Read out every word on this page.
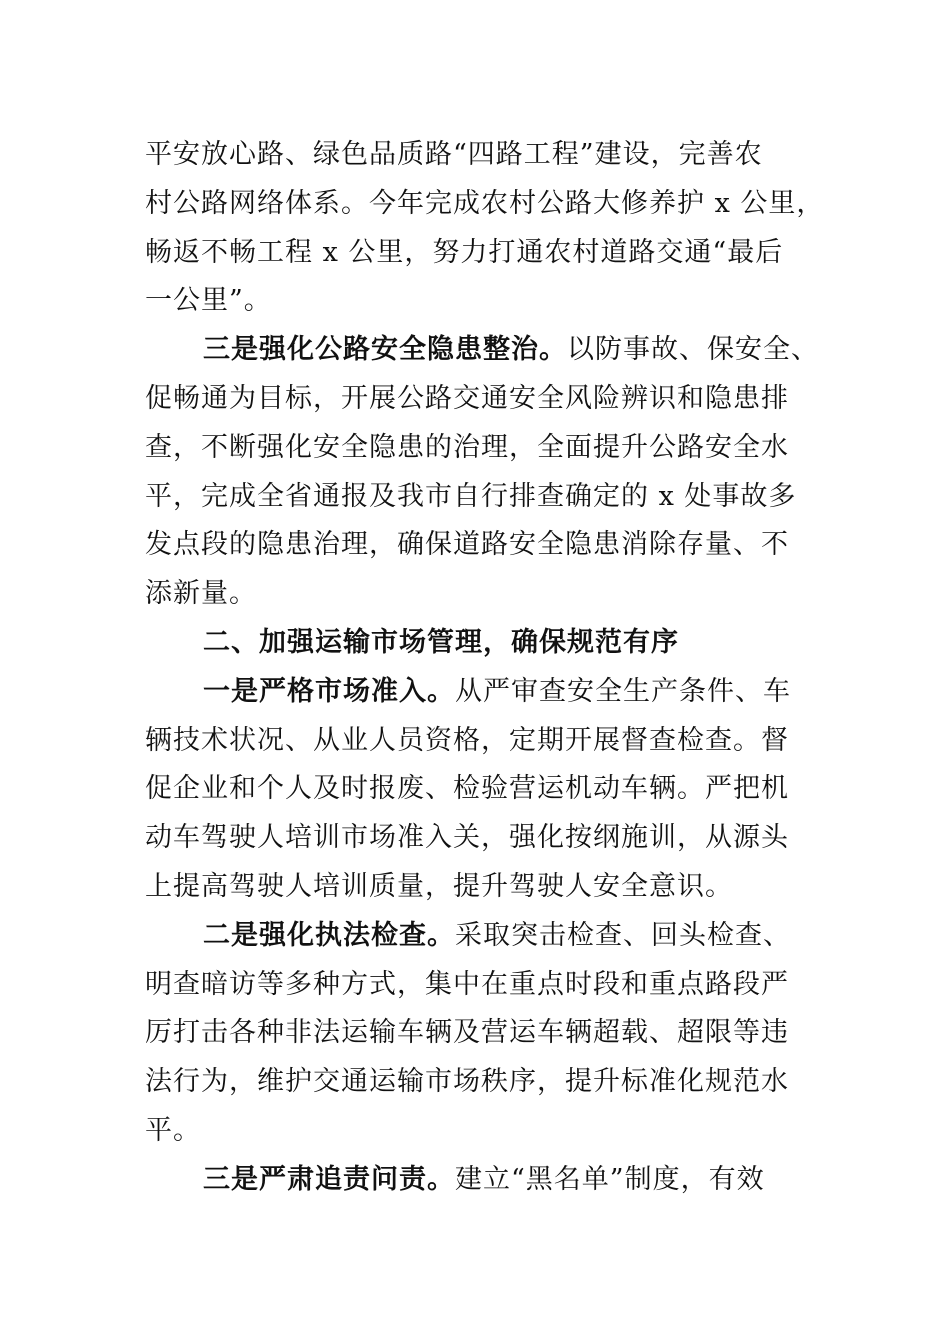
平安放心路、绿色品质路“四路工程”建设，完善农
村公路网络体系。今年完成农村公路大修养护 x 公里，
畅返不畅工程 x 公里，努力打通农村道路交通“最后
一公里”。

三是强化公路安全隐患整治。以防事故、保安全、
促畅通为目标，开展公路交通安全风险辨识和隐患排
查，不断强化安全隐患的治理，全面提升公路安全水
平，完成全省通报及我市自行排查确定的 x 处事故多
发点段的隐患治理，确保道路安全隐患消除存量、不
添新量。

二、加强运输市场管理，确保规范有序

一是严格市场准入。从严审查安全生产条件、车
辆技术状况、从业人员资格，定期开展督查检查。督
促企业和个人及时报废、检验营运机动车辆。严把机
动车驾驶人培训市场准入关，强化按纲施训，从源头
上提高驾驶人培训质量，提升驾驶人安全意识。

二是强化执法检查。采取突击检查、回头检查、
明查暗访等多种方式，集中在重点时段和重点路段严
厉打击各种非法运输车辆及营运车辆超载、超限等违
法行为，维护交通运输市场秩序，提升标准化规范水
平。

三是严肃追责问责。建立“黑名单”制度，有效
